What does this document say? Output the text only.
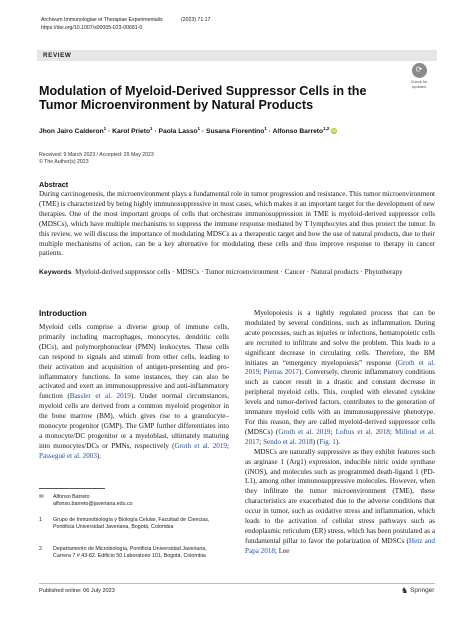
Archivum Immunologiae et Therapiae Experimentalis	(2023) 71:17
https://doi.org/10.1007/s00005-023-00681-0
REVIEW
⟳
Check for
updates
Modulation of Myeloid-Derived Suppressor Cells in the Tumor Microenvironment by Natural Products
Jhon Jairo Calderon$^1$ · Karol Prieto$^1$ · Paola Lasso$^1$ · Susana Fiorentino$^1$ · Alfonso Barreto$^{1,2}$ iD
Received: 9 March 2023 / Accepted: 29 May 2023
© The Author(s) 2023
Abstract

During carcinogenesis, the microenvironment plays a fundamental role in tumor progression and resistance. This tumor microenvironment (TME) is characterized by being highly immunosuppressive in most cases, which makes it an important target for the development of new therapies. One of the most important groups of cells that orchestrate immunosuppression in TME is myeloid-derived suppressor cells (MDSCs), which have multiple mechanisms to suppress the immune response mediated by T lymphocytes and thus protect the tumor. In this review, we will discuss the importance of modulating MDSCs as a therapeutic target and how the use of natural products, due to their multiple mechanisms of action, can be a key alternative for modulating these cells and thus improve response to therapy in cancer patients.

Keywords Myeloid-derived suppressor cells · MDSCs · Tumor microenvironment · Cancer · Natural products · Phytotherapy

Introduction

Myeloid cells comprise a diverse group of immune cells, primarily including macrophages, monocytes, dendritic cells (DCs), and polymorphonuclear (PMN) leukocytes. These cells can respond to signals and stimuli from other cells, leading to their activation and acquisition of antigen-presenting and pro-inflammatory functions. In some instances, they can also be activated and exert an immunosuppressive and anti-inflammatory function (Bassler et al. 2019). Under normal circumstances, myeloid cells are derived from a common myeloid progenitor in the bone marrow (BM), which gives rise to a granulocyte–monocyte progenitor (GMP). The GMP further differentiates into a monocyte/DC progenitor or a myeloblast, ultimately maturing into monocytes/DCs or PMNs, respectively (Groth et al. 2019; Passegué et al. 2003).

Myelopoiesis is a tightly regulated process that can be modulated by several conditions, such as inflammation. During acute processes, such as injuries or infections, hematopoietic cells are recruited to infiltrate and solve the problem. This leads to a significant decrease in circulating cells. Therefore, the BM initiates an “emergency myelopoiesis” response (Groth et al. 2019; Pietras 2017). Conversely, chronic inflammatory conditions such as cancer result in a drastic and constant decrease in peripheral myeloid cells. This, coupled with elevated cytokine levels and tumor-derived factors, contributes to the generation of immature myeloid cells with an immunosuppressive phenotype. For this reason, they are called myeloid-derived suppressor cells (MDSCs) (Groth et al. 2019; Loftus et al. 2018; Millrud et al. 2017; Sendo et al. 2018) (Fig. 1).

MDSCs are naturally suppressive as they exhibit features such as arginase 1 (Arg1) expression, inducible nitric oxide synthase (iNOS), and molecules such as programmed death-ligand 1 (PD-L1), among other immunosuppressive molecules. However, when they infiltrate the tumor microenvironment (TME), these characteristics are exacerbated due to the adverse conditions that occur in tumor, such as oxidative stress and inflammation, which leads to the activation of cellular stress pathways such as endoplasmic reticulum (ER) stress, which has been postulated as a fundamental pillar to favor the polarization of MDSCs (Hetz and Papa 2018; Lee

✉	Alfonso Barreto
alfonso.barreto@javeriana.edu.co
1	Grupo de Inmunobiología y Biología Celular, Facultad de Ciencias, Pontificia Universidad Javeriana, Bogotá, Colombia
2	Departamento de Microbiología, Pontificia Universidad Javeriana, Carrera 7 # 43-82. Edificio 50 Laboratorio 101, Bogotá, Colombia
Published online: 06 July 2023	♞ Springer
